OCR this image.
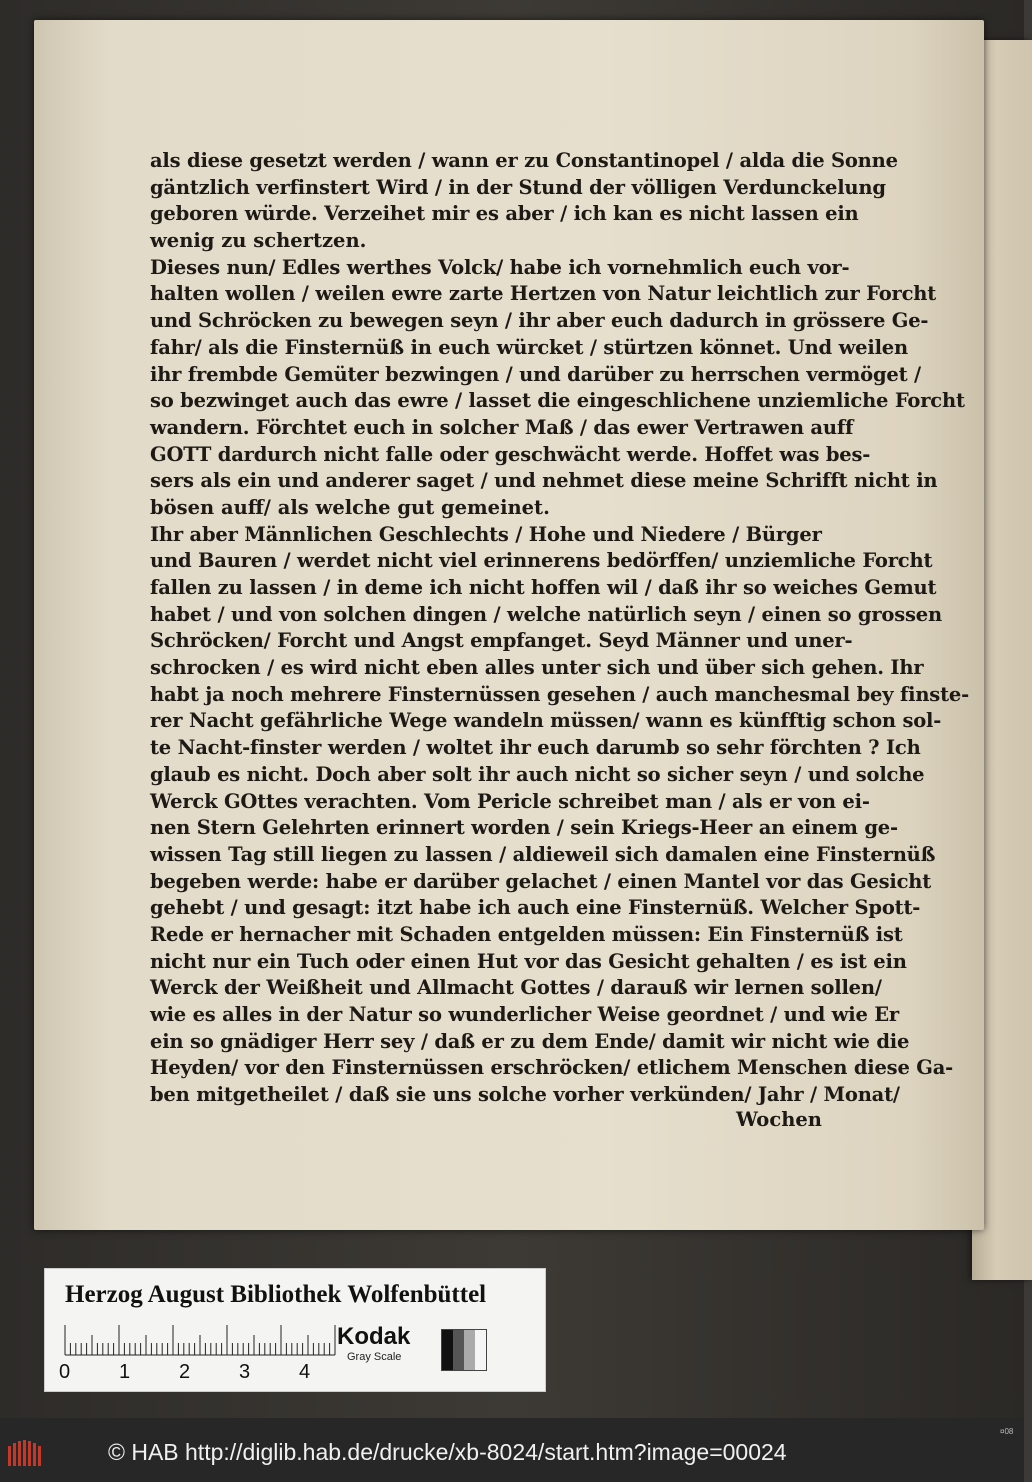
als diese gesetzt werden / wann er zu Constantinopel / alda die Sonne
gäntzlich verfinstert Wird / in der Stund der völligen Verdunckelung
geboren würde. Verzeihet mir es aber / ich kan es nicht lassen ein
wenig zu schertzen.
Dieses nun/ Edles werthes Volck/ habe ich vornehmlich euch vor-
halten wollen / weilen ewre zarte Hertzen von Natur leichtlich zur Forcht
und Schröcken zu bewegen seyn / ihr aber euch dadurch in grössere Ge-
fahr/ als die Finsternüß in euch würcket / stürtzen könnet. Und weilen
ihr frembde Gemüter bezwingen / und darüber zu herrschen vermöget /
so bezwinget auch das ewre / lasset die eingeschlichene unziemliche Forcht
wandern. Förchtet euch in solcher Maß / das ewer Vertrawen auff
GOTT dardurch nicht falle oder geschwächt werde. Hoffet was bes-
sers als ein und anderer saget / und nehmet diese meine Schrifft nicht in
bösen auff/ als welche gut gemeinet.
Ihr aber Männlichen Geschlechts / Hohe und Niedere / Bürger
und Bauren / werdet nicht viel erinnerens bedörffen/ unziemliche Forcht
fallen zu lassen / in deme ich nicht hoffen wil / daß ihr so weiches Gemut
habet / und von solchen dingen / welche natürlich seyn / einen so grossen
Schröcken/ Forcht und Angst empfanget. Seyd Männer und uner-
schrocken / es wird nicht eben alles unter sich und über sich gehen. Ihr
habt ja noch mehrere Finsternüssen gesehen / auch manchesmal bey finste-
rer Nacht gefährliche Wege wandeln müssen/ wann es künfftig schon sol-
te Nacht-finster werden / woltet ihr euch darumb so sehr förchten ? Ich
glaub es nicht. Doch aber solt ihr auch nicht so sicher seyn / und solche
Werck GOttes verachten. Vom Pericle schreibet man / als er von ei-
nen Stern Gelehrten erinnert worden / sein Kriegs-Heer an einem ge-
wissen Tag still liegen zu lassen / aldieweil sich damalen eine Finsternüß
begeben werde: habe er darüber gelachet / einen Mantel vor das Gesicht
gehebt / und gesagt: itzt habe ich auch eine Finsternüß. Welcher Spott-
Rede er hernacher mit Schaden entgelden müssen: Ein Finsternüß ist
nicht nur ein Tuch oder einen Hut vor das Gesicht gehalten / es ist ein
Werck der Weißheit und Allmacht Gottes / darauß wir lernen sollen/
wie es alles in der Natur so wunderlicher Weise geordnet / und wie Er
ein so gnädiger Herr sey / daß er zu dem Ende/ damit wir nicht wie die
Heyden/ vor den Finsternüssen erschröcken/ etlichem Menschen diese Ga-
ben mitgetheilet / daß sie uns solche vorher verkünden/ Jahr / Monat/
Wochen
Herzog August Bibliothek Wolfenbüttel
0 1 2 3 4
Kodak
Gray Scale
© HAB http://diglib.hab.de/drucke/xb-8024/start.htm?image=00024
¤08
